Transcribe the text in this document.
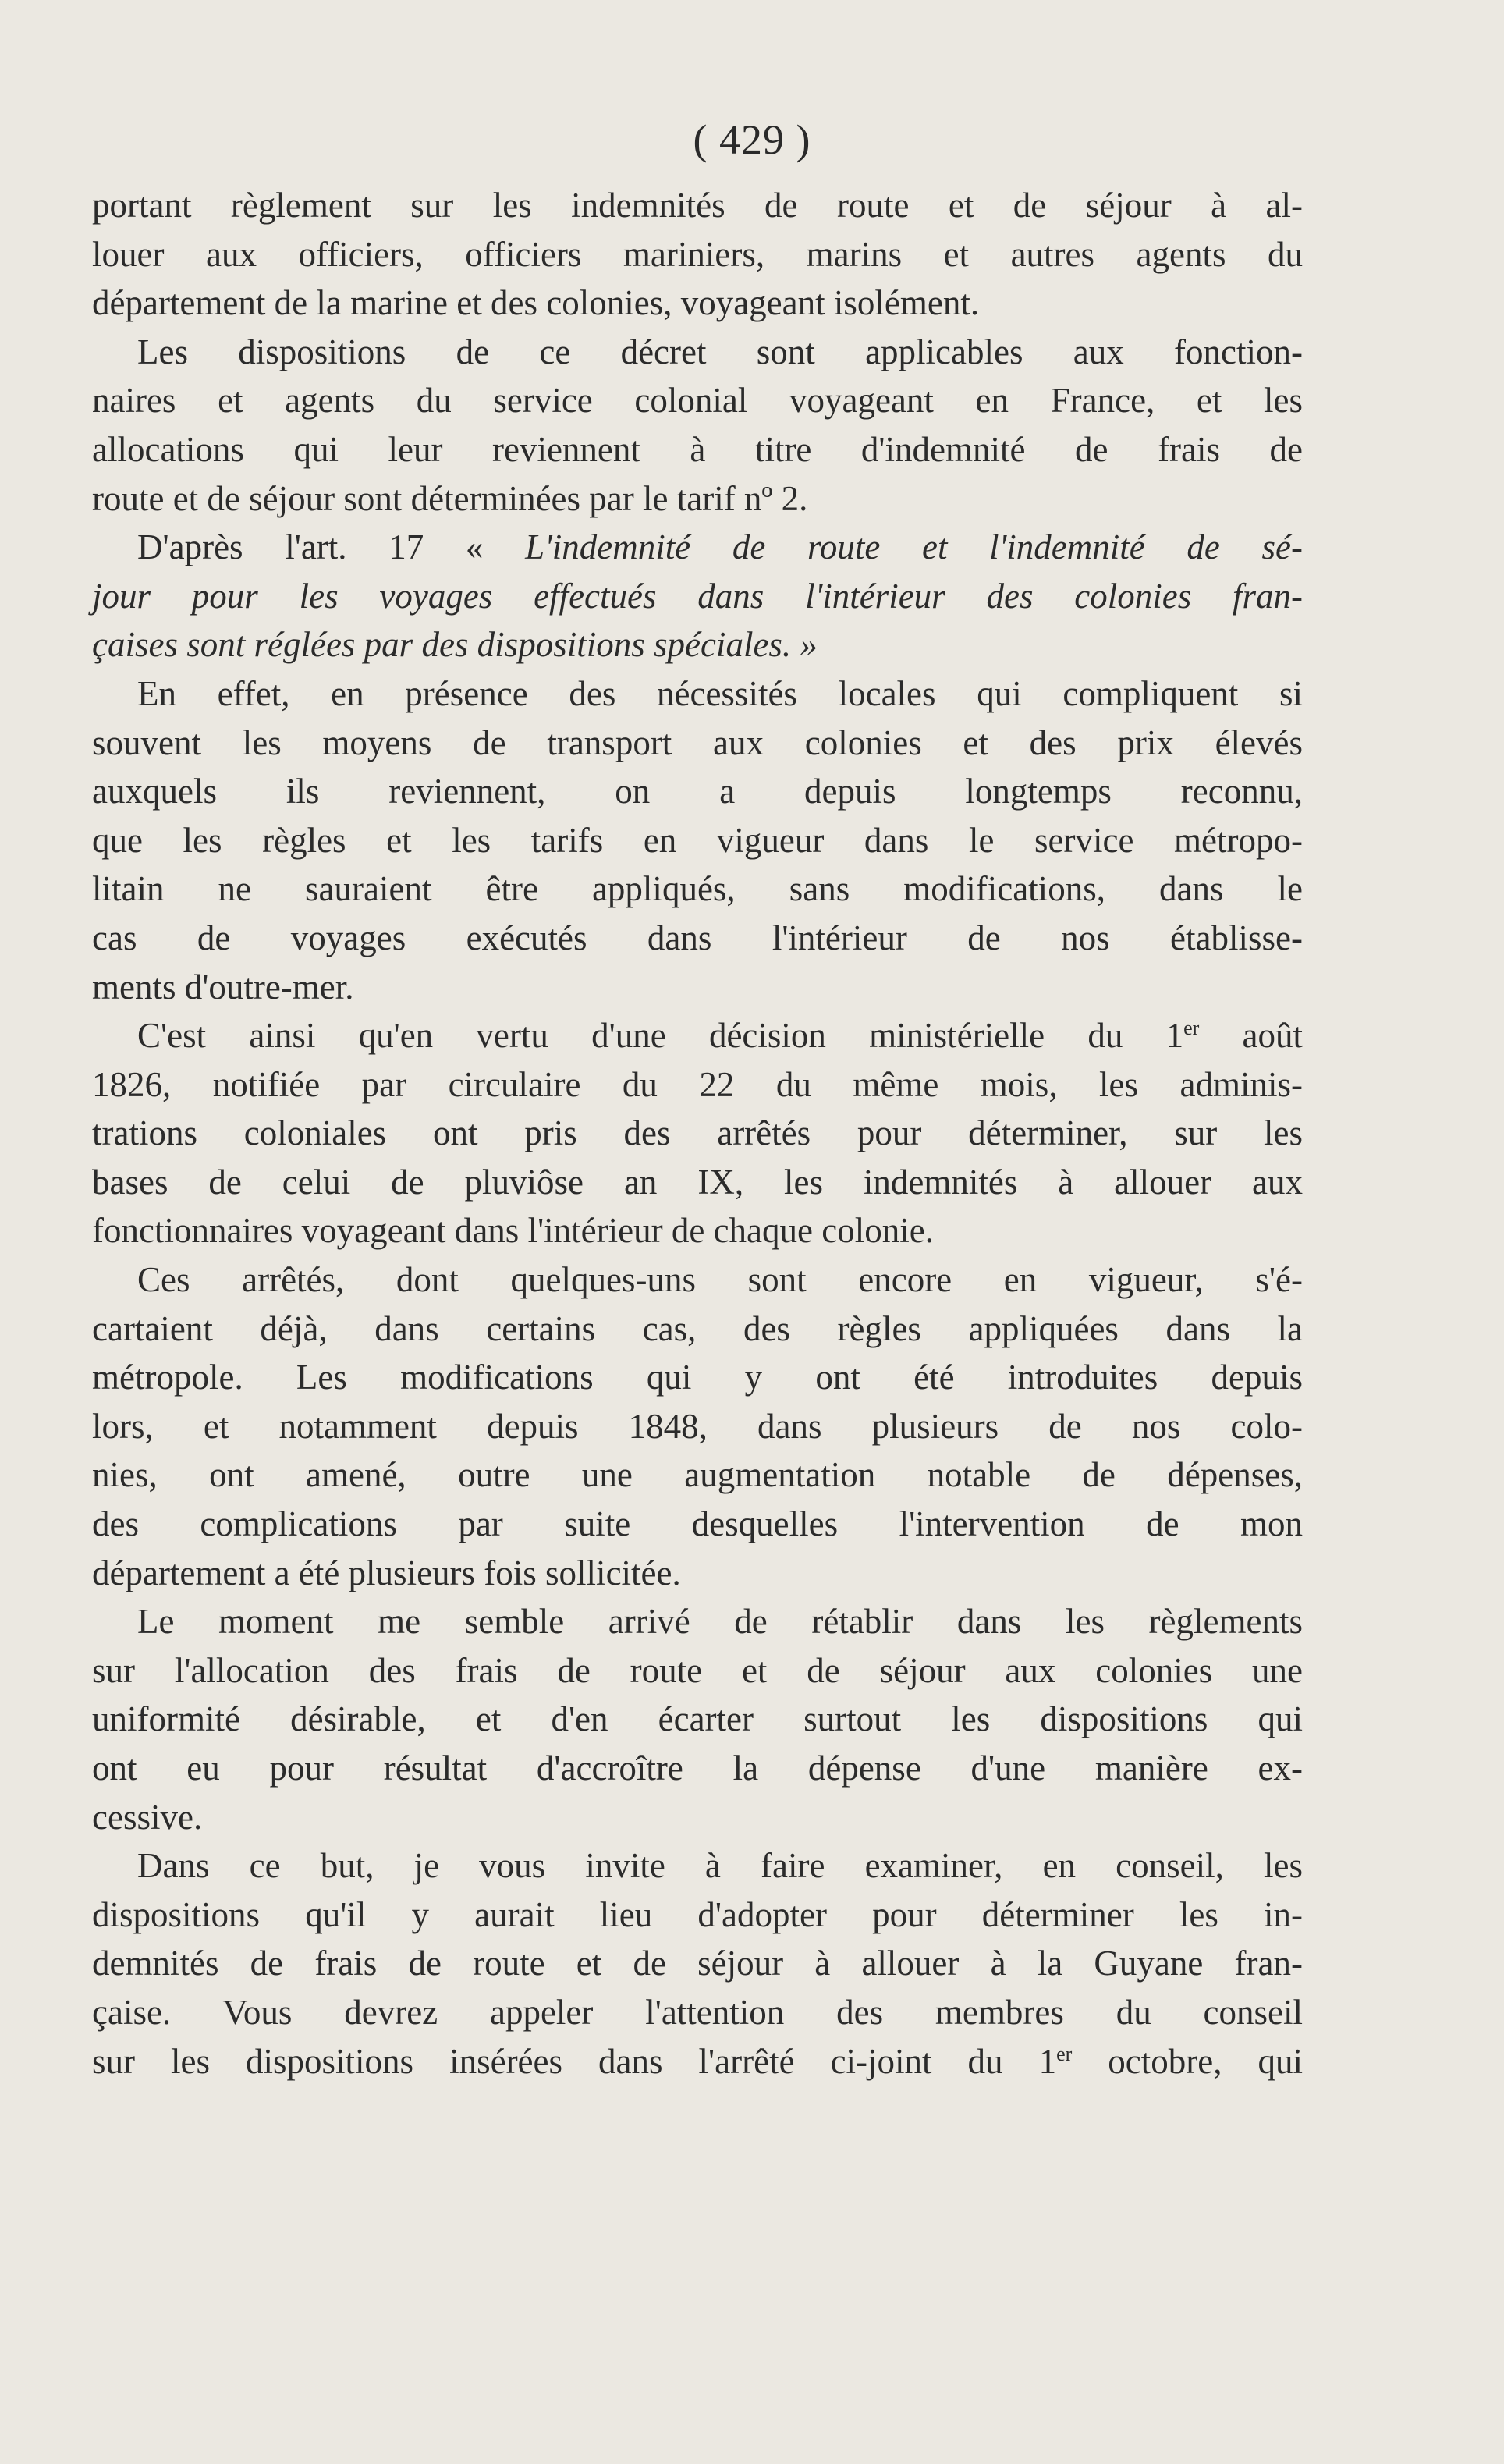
( 429 )
portant règlement sur les indemnités de route et de séjour à al-
louer aux officiers, officiers mariniers, marins et autres agents du
département de la marine et des colonies, voyageant isolément.
Les dispositions de ce décret sont applicables aux fonction-
naires et agents du service colonial voyageant en France, et les
allocations qui leur reviennent à titre d'indemnité de frais de
route et de séjour sont déterminées par le tarif nº 2.
D'après l'art. 17 « L'indemnité de route et l'indemnité de sé-
jour pour les voyages effectués dans l'intérieur des colonies fran-
çaises sont réglées par des dispositions spéciales. »
En effet, en présence des nécessités locales qui compliquent si
souvent les moyens de transport aux colonies et des prix élevés
auxquels ils reviennent, on a depuis longtemps reconnu,
que les règles et les tarifs en vigueur dans le service métropo-
litain ne sauraient être appliqués, sans modifications, dans le
cas de voyages exécutés dans l'intérieur de nos établisse-
ments d'outre-mer.
C'est ainsi qu'en vertu d'une décision ministérielle du 1er août
1826, notifiée par circulaire du 22 du même mois, les adminis-
trations coloniales ont pris des arrêtés pour déterminer, sur les
bases de celui de pluviôse an IX, les indemnités à allouer aux
fonctionnaires voyageant dans l'intérieur de chaque colonie.
Ces arrêtés, dont quelques-uns sont encore en vigueur, s'é-
cartaient déjà, dans certains cas, des règles appliquées dans la
métropole. Les modifications qui y ont été introduites depuis
lors, et notamment depuis 1848, dans plusieurs de nos colo-
nies, ont amené, outre une augmentation notable de dépenses,
des complications par suite desquelles l'intervention de mon
département a été plusieurs fois sollicitée.
Le moment me semble arrivé de rétablir dans les règlements
sur l'allocation des frais de route et de séjour aux colonies une
uniformité désirable, et d'en écarter surtout les dispositions qui
ont eu pour résultat d'accroître la dépense d'une manière ex-
cessive.
Dans ce but, je vous invite à faire examiner, en conseil, les
dispositions qu'il y aurait lieu d'adopter pour déterminer les in-
demnités de frais de route et de séjour à allouer à la Guyane fran-
çaise. Vous devrez appeler l'attention des membres du conseil
sur les dispositions insérées dans l'arrêté ci-joint du 1er octobre, qui
